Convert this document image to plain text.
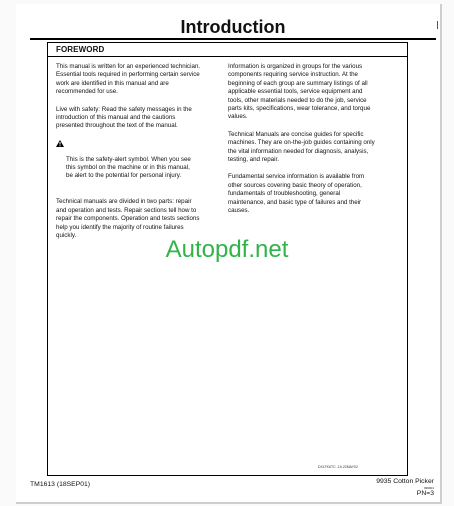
Introduction
FOREWORD

This manual is written for an experienced technician.
Essential tools required in performing certain service
work are identified in this manual and are
recommended for use.

Live with safety: Read the safety messages in the
introduction of this manual and the cautions
presented throughout the text of the manual.

This is the safety-alert symbol. When you see
this symbol on the machine or in this manual,
be alert to the potential for personal injury.

Technical manuals are divided in two parts: repair
and operation and tests. Repair sections tell how to
repair the components. Operation and tests sections
help you identify the majority of routine failures
quickly.

Information is organized in groups for the various
components requiring service instruction. At the
beginning of each group are summary listings of all
applicable essential tools, service equipment and
tools, other materials needed to do the job, service
parts kits, specifications, wear tolerance, and torque
values.

Technical Manuals are concise guides for specific
machines. They are on-the-job guides containing only
the vital information needed for diagnosis, analysis,
testing, and repair.

Fundamental service information is available from
other sources covering basic theory of operation,
fundamentals of troubleshooting, general
maintenance, and basic type of failures and their
causes.

Autopdf.net
DXLTK6TC -19-22MAY02
TM1613 (18SEP01)	9935 Cotton Picker
090901
PN=3
